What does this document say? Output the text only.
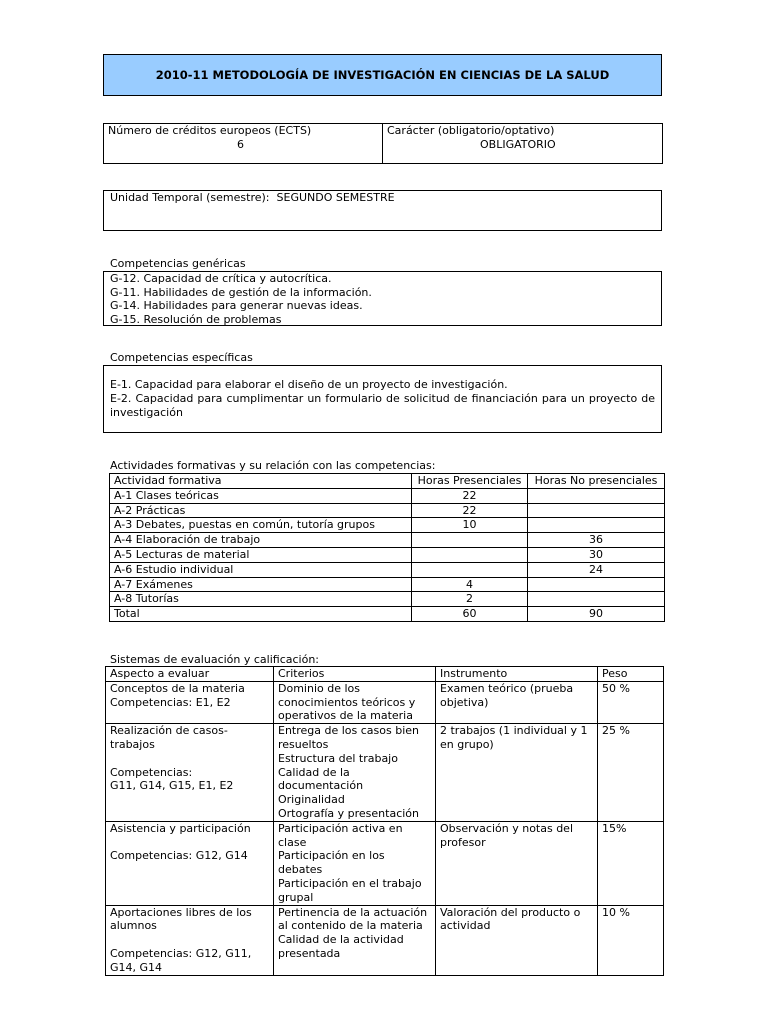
2010-11 METODOLOGÍA DE INVESTIGACIÓN EN CIENCIAS DE LA SALUD
Número de créditos europeos (ECTS)
6

Carácter (obligatorio/optativo)
OBLIGATORIO
Unidad Temporal (semestre): SEGUNDO SEMESTRE
Competencias genéricas
G-12. Capacidad de crítica y autocrítica.
G-11. Habilidades de gestión de la información.
G-14. Habilidades para generar nuevas ideas.
G-15. Resolución de problemas
Competencias específicas
E-1. Capacidad para elaborar el diseño de un proyecto de investigación.
E-2. Capacidad para cumplimentar un formulario de solicitud de financiación para un proyecto de investigación
Actividades formativas y su relación con las competencias:
Actividad formativa	Horas Presenciales	Horas No presenciales
A-1 Clases teóricas	22	
A-2 Prácticas	22	
A-3 Debates, puestas en común, tutoría grupos	10	
A-4 Elaboración de trabajo		36
A-5 Lecturas de material		30
A-6 Estudio individual		24
A-7 Exámenes	4	
A-8 Tutorías	2	
Total	60	90
Sistemas de evaluación y calificación:
Aspecto a evaluar	Criterios	Instrumento	Peso
Conceptos de la materia
Competencias: E1, E2	Dominio de los conocimientos teóricos y operativos de la materia	Examen teórico (prueba objetiva)	50 %
Realización de casos-trabajos

Competencias:
G11, G14, G15, E1, E2	Entrega de los casos bien resueltos
Estructura del trabajo
Calidad de la documentación
Originalidad
Ortografía y presentación	2 trabajos (1 individual y 1 en grupo)	25 %
Asistencia y participación

Competencias: G12, G14	Participación activa en clase
Participación en los debates
Participación en el trabajo grupal	Observación y notas del profesor	15%
Aportaciones libres de los alumnos

Competencias: G12, G11, G14, G14	Pertinencia de la actuación al contenido de la materia
Calidad de la actividad presentada	Valoración del producto o actividad	10 %
